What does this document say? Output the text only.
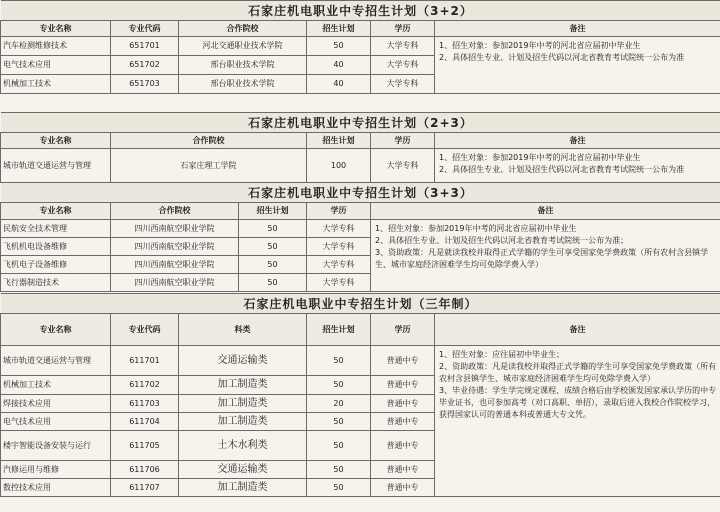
石家庄机电职业中专招生计划（3+2）					
专业名称	专业代码	合作院校	招生计划	学历	备注
汽车检测维修技术	651701	河北交通职业技术学院	50	大学专科	1、招生对象：参加2019年中考的河北省应届初中毕业生

2、具体招生专业、计划及招生代码以河北省教育考试院统一公布为准

电气技术应用	651702	邢台职业技术学院	40	大学专科	
机械加工技术	651703	邢台职业技术学院	40	大学专科	
石家庄机电职业中专招生计划（2+3）				
专业名称	合作院校	招生计划	学历	备注
城市轨道交通运营与管理	石家庄理工学院	100	大学专科	1、招生对象：参加2019年中考的河北省应届初中毕业生

2、具体招生专业、计划及招生代码以河北省教育考试院统一公布为准

石家庄机电职业中专招生计划（3+3）				
专业名称	合作院校	招生计划	学历	备注
民航安全技术管理	四川西南航空职业学院	50	大学专科	1、招生对象：参加2019年中考的河北省应届初中毕业生

2、具体招生专业、计划及招生代码以河北省教育考试院统一公布为准；

3、资助政策：凡是就读我校并取得正式学籍的学生可享受国家免学费政策（所有农村含县镇学生、城市家庭经济困难学生均可免除学费入学）

飞机机电设备维修	四川西南航空职业学院	50	大学专科	
飞机电子设备维修	四川西南航空职业学院	50	大学专科	
飞行器制造技术	四川西南航空职业学院	50	大学专科	
石家庄机电职业中专招生计划（三年制）					
专业名称	专业代码	科类	招生计划	学历	备注
城市轨道交通运营与管理	611701	交通运输类	50	普通中专	1、招生对象：应往届初中毕业生；

2、资助政策：凡是读我校并取得正式学籍的学生可享受国家免学费政策（所有农村含县镇学生、城市家庭经济困难学生均可免除学费入学）

3、毕业待遇：学生学完规定课程、成绩合格后由学校颁发国家承认学历的中专毕业证书，也可参加高考（对口高职、单招），录取后进入我校合作院校学习，获得国家认可的普通本科或普通大专文凭。

机械加工技术	611702	加工制造类	50	普通中专	
焊接技术应用	611703	加工制造类	20	普通中专	
电气技术应用	611704	加工制造类	50	普通中专	
楼宇智能设备安装与运行	611705	土木水利类	50	普通中专	
汽修运用与维修	611706	交通运输类	50	普通中专	
数控技术应用	611707	加工制造类	50	普通中专	
